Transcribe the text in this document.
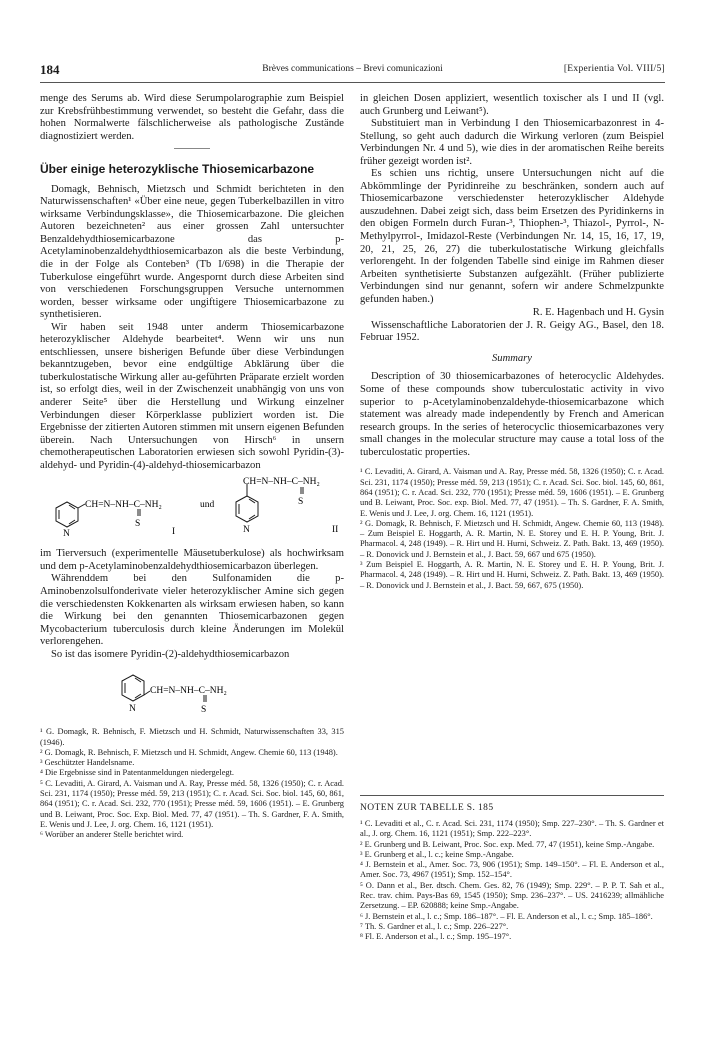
184	Brèves communications – Brevi comunicazioni	[Experientia Vol. VIII/5]

menge des Serums ab. Wird diese Serumpolarographie zum Beispiel zur Krebsfrühbestimmung verwendet, so besteht die Gefahr, dass die hohen Normalwerte fälschlicherweise als pathologische Zustände diagnostiziert werden.

Über einige heterozyklische Thiosemicarbazone

Domagk, Behnisch, Mietzsch und Schmidt berichteten in den Naturwissenschaften¹ «Über eine neue, gegen Tuberkelbazillen in vitro wirksame Verbindungsklasse», die Thiosemicarbazone. Die gleichen Autoren bezeichneten² aus einer grossen Zahl untersuchter Benzaldehydthiosemicarbazone das p-Acetylaminobenzaldehydthiosemicarbazon als die beste Verbindung, die in der Folge als Conteben³ (Tb I/698) in die Therapie der Tuberkulose eingeführt wurde. Angespornt durch diese Arbeiten sind von verschiedenen Forschungsgruppen Versuche unternommen worden, besser wirksame oder ungiftigere Thiosemicarbazone zu synthetisieren.

Wir haben seit 1948 unter anderm Thiosemicarbazone heterozyklischer Aldehyde bearbeitet⁴. Wenn wir uns nun entschliessen, unsere bisherigen Befunde über diese Verbindungen bekanntzugeben, bevor eine endgültige Abklärung über die tuberkulostatische Wirkung aller au-geführten Präparate erzielt worden ist, so erfolgt dies, weil in der Zwischenzeit unabhängig von uns von anderer Seite⁵ über die Herstellung und Wirkung einzelner Verbindungen dieser Körperklasse publiziert worden ist. Die Ergebnisse der zitierten Autoren stimmen mit unsern eigenen Befunden überein. Nach Untersuchungen von Hirsch⁶ in unsern chemotherapeutischen Laboratorien erwiesen sich sowohl Pyridin-(3)-aldehyd- und Pyridin-(4)-aldehyd-thiosemicarbazon

CH=N–NH–C–NH₂
S
N	I
und
CH=N–NH–C–NH₂
S
N	II

im Tierversuch (experimentelle Mäusetuberkulose) als hochwirksam und dem p-Acetylaminobenzaldehydthiosemicarbazon überlegen.

Währenddem bei den Sulfonamiden die p-Aminobenzolsulfonderivate vieler heterozyklischer Amine sich gegen die verschiedensten Kokkenarten als wirksam erwiesen haben, so kann die Wirkung bei den genannten Thiosemicarbazonen gegen Mycobacterium tuberculosis durch kleine Änderungen im Molekül verlorengehen.

So ist das isomere Pyridin-(2)-aldehydthiosemicarbazon

CH=N–NH–C–NH₂
S
N

¹ G. Domagk, R. Behnisch, F. Mietzsch und H. Schmidt, Naturwissenschaften 33, 315 (1946).

² G. Domagk, R. Behnisch, F. Mietzsch und H. Schmidt, Angew. Chemie 60, 113 (1948).

³ Geschützter Handelsname.

⁴ Die Ergebnisse sind in Patentanmeldungen niedergelegt.

⁵ C. Levaditi, A. Girard, A. Vaisman und A. Ray, Presse méd. 58, 1326 (1950); C. r. Acad. Sci. 231, 1174 (1950); Presse méd. 59, 213 (1951); C. r. Acad. Sci. Soc. biol. 145, 60, 861, 864 (1951); C. r. Acad. Sci. 232, 770 (1951); Presse méd. 59, 1606 (1951). – E. Grunberg und B. Leiwant, Proc. Soc. Exp. Biol. Med. 77, 47 (1951). – Th. S. Gardner, F. A. Smith, E. Wenis und J. Lee, J. org. Chem. 16, 1121 (1951).

⁶ Worüber an anderer Stelle berichtet wird.

in gleichen Dosen appliziert, wesentlich toxischer als I und II (vgl. auch Grunberg und Leiwant⁵).

Substituiert man in Verbindung I den Thiosemicarbazonrest in 4-Stellung, so geht auch dadurch die Wirkung verloren (zum Beispiel Verbindungen Nr. 4 und 5), wie dies in der aromatischen Reihe bereits früher gezeigt worden ist².

Es schien uns richtig, unsere Untersuchungen nicht auf die Abkömmlinge der Pyridinreihe zu beschränken, sondern auch auf Thiosemicarbazone verschiedenster heterozyklischer Aldehyde auszudehnen. Dabei zeigt sich, dass beim Ersetzen des Pyridinkerns in den obigen Formeln durch Furan-³, Thiophen-³, Thiazol-, Pyrrol-, N-Methylpyrrol-, Imidazol-Reste (Verbindungen Nr. 14, 15, 16, 17, 19, 20, 21, 25, 26, 27) die tuberkulostatische Wirkung gleichfalls verlorengeht. In der folgenden Tabelle sind einige im Rahmen dieser Arbeiten synthetisierte Substanzen aufgezählt. (Früher publizierte Verbindungen sind nur genannt, sofern wir andere Schmelzpunkte gefunden haben.)

R. E. Hagenbach und H. Gysin

Wissenschaftliche Laboratorien der J. R. Geigy AG., Basel, den 18. Februar 1952.

Summary

Description of 30 thiosemicarbazones of heterocyclic Aldehydes. Some of these compounds show tuberculostatic activity in vivo superior to p-Acetylaminobenzaldehyde-thiosemicarbazone which statement was already made independently by French and American research groups. In the series of heterocyclic thiosemicarbazones very small changes in the molecular structure may cause a total loss of the tuberculostatic properties.

¹ C. Levaditi, A. Girard, A. Vaisman und A. Ray, Presse méd. 58, 1326 (1950); C. r. Acad. Sci. 231, 1174 (1950); Presse méd. 59, 213 (1951); C. r. Acad. Sci. Soc. biol. 145, 60, 861, 864 (1951); C. r. Acad. Sci. 232, 770 (1951); Presse méd. 59, 1606 (1951). – E. Grunberg und B. Leiwant, Proc. Soc. exp. Biol. Med. 77, 47 (1951). – Th. S. Gardner, F. A. Smith, E. Wenis und J. Lee, J. org. Chem. 16, 1121 (1951).

² G. Domagk, R. Behnisch, F. Mietzsch und H. Schmidt, Angew. Chemie 60, 113 (1948). – Zum Beispiel E. Hoggarth, A. R. Martin, N. E. Storey und E. H. P. Young, Brit. J. Pharmacol. 4, 248 (1949). – R. Hirt und H. Hurni, Schweiz. Z. Path. Bakt. 13, 469 (1950). – R. Donovick und J. Bernstein et al., J. Bact. 59, 667 und 675 (1950).

³ Zum Beispiel E. Hoggarth, A. R. Martin, N. E. Storey und E. H. P. Young, Brit. J. Pharmacol. 4, 248 (1949). – R. Hirt und H. Hurni, Schweiz. Z. Path. Bakt. 13, 469 (1950). – R. Donovick und J. Bernstein et al., J. Bact. 59, 667, 675 (1950).

NOTEN ZUR TABELLE S. 185

¹ C. Levaditi et al., C. r. Acad. Sci. 231, 1174 (1950); Smp. 227–230°. – Th. S. Gardner et al., J. org. Chem. 16, 1121 (1951); Smp. 222–223°.

² E. Grunberg und B. Leiwant, Proc. Soc. exp. Med. 77, 47 (1951), keine Smp.-Angabe.

³ E. Grunberg et al., l. c.; keine Smp.-Angabe.

⁴ J. Bernstein et al., Amer. Soc. 73, 906 (1951); Smp. 149–150°. – Fl. E. Anderson et al., Amer. Soc. 73, 4967 (1951); Smp. 152–154°.

⁵ O. Dann et al., Ber. dtsch. Chem. Ges. 82, 76 (1949); Smp. 229°. – P. P. T. Sah et al., Rec. trav. chim. Pays-Bas 69, 1545 (1950); Smp. 236–237°. – US. 2416239; allmähliche Zersetzung. – EP. 620888; keine Smp.-Angabe.

⁶ J. Bernstein et al., l. c.; Smp. 186–187°. – Fl. E. Anderson et al., l. c.; Smp. 185–186°.

⁷ Th. S. Gardner et al., l. c.; Smp. 226–227°.

⁸ Fl. E. Anderson et al., l. c.; Smp. 195–197°.
